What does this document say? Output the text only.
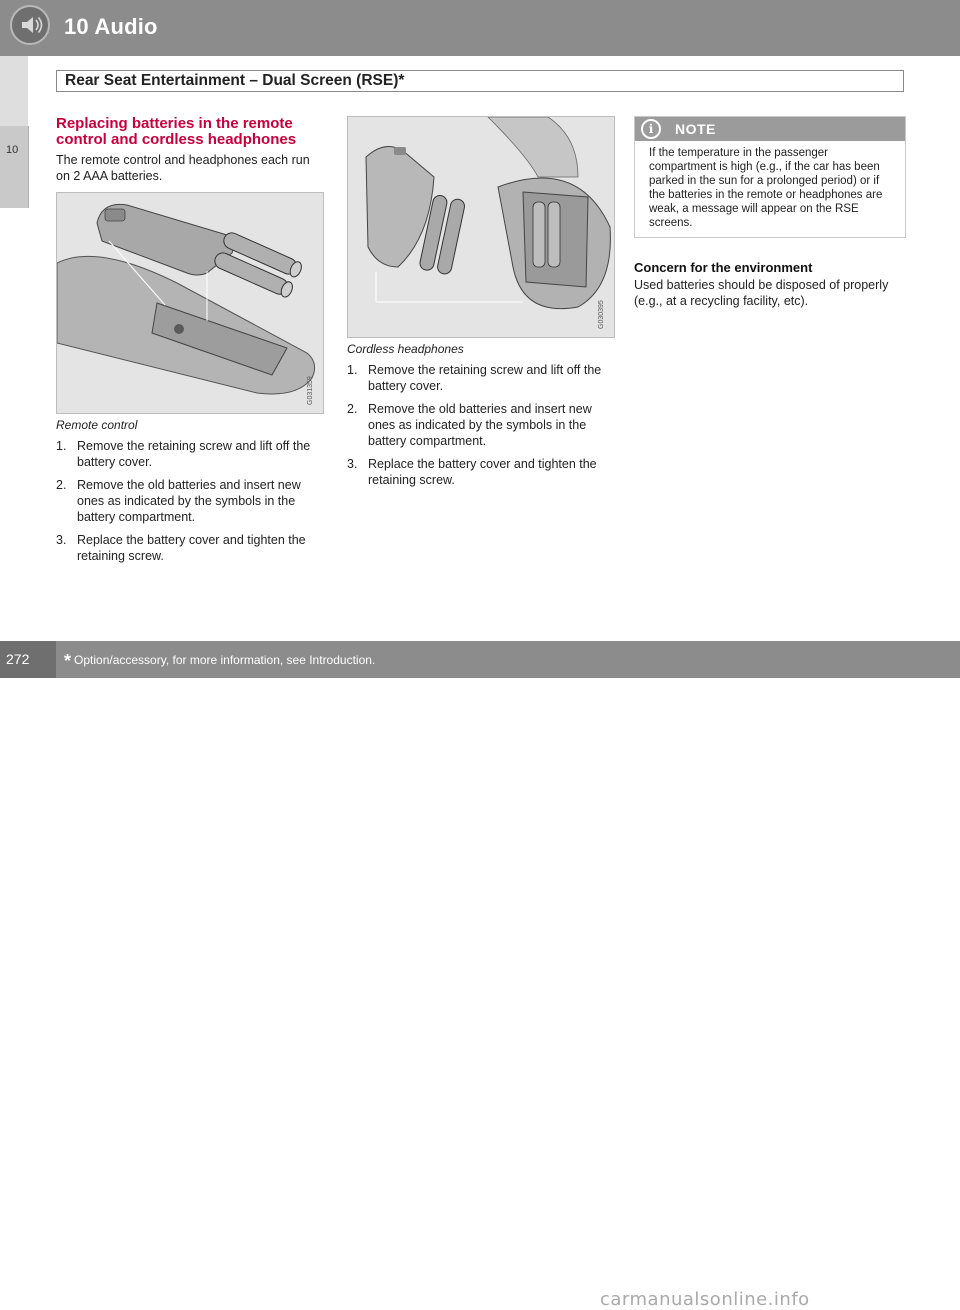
10 Audio
10
Rear Seat Entertainment – Dual Screen (RSE)*
Replacing batteries in the remote control and cordless headphones

The remote control and headphones each run on 2 AAA batteries.

G031359

Remote control

1. Remove the retaining screw and lift off the battery cover.
2. Remove the old batteries and insert new ones as indicated by the symbols in the battery compartment.
3. Replace the battery cover and tighten the retaining screw.
G030395

Cordless headphones

1. Remove the retaining screw and lift off the battery cover.
2. Remove the old batteries and insert new ones as indicated by the symbols in the battery compartment.
3. Replace the battery cover and tighten the retaining screw.
i	NOTE

If the temperature in the passenger compartment is high (e.g., if the car has been parked in the sun for a prolonged period) or if the batteries in the remote or headphones are weak, a message will appear on the RSE screens.

Concern for the environment

Used batteries should be disposed of properly (e.g., at a recycling facility, etc).

272 * Option/accessory, for more information, see Introduction.
carmanualsonline.info
